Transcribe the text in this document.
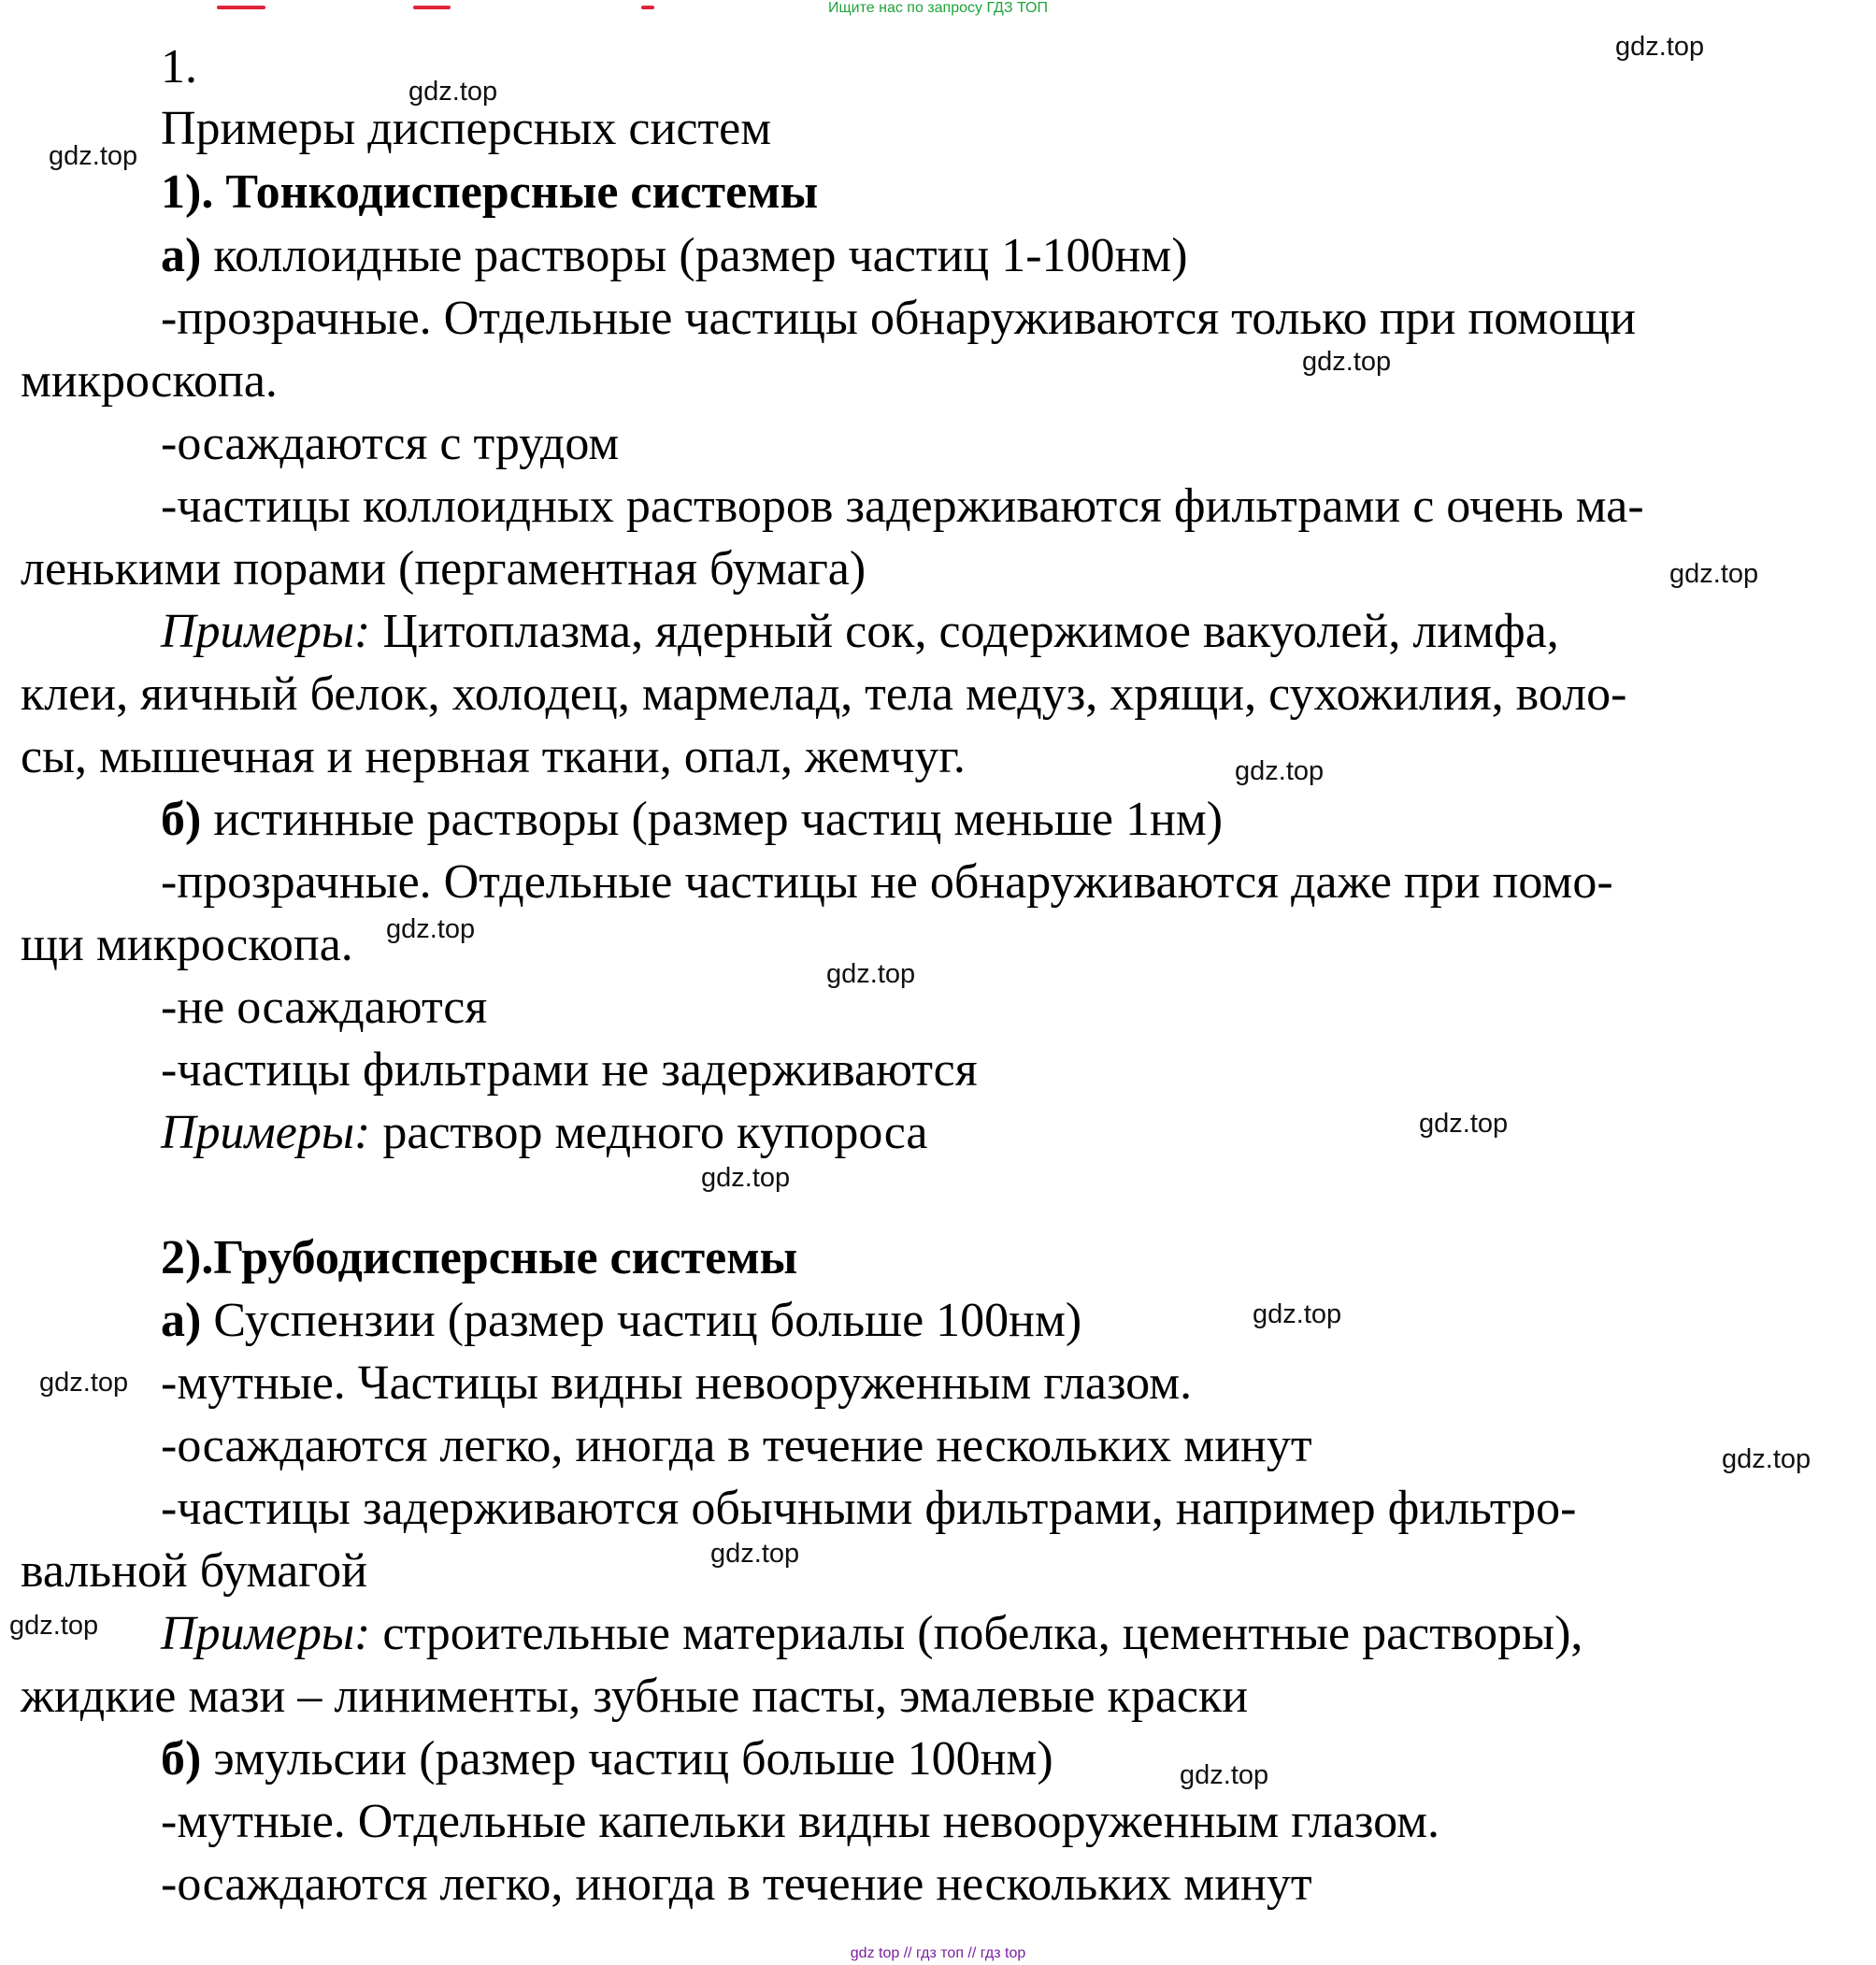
Ищите нас по запросу ГДЗ ТОП
1.
Примеры дисперсных систем
1). Тонкодисперсные системы
а) коллоидные растворы (размер частиц 1-100нм)
-прозрачные. Отдельные частицы обнаруживаются только при помощи
микроскопа.
-осаждаются с трудом
-частицы коллоидных растворов задерживаются фильтрами с очень ма-
ленькими порами (пергаментная бумага)
Примеры: Цитоплазма, ядерный сок, содержимое вакуолей, лимфа,
клеи, яичный белок, холодец, мармелад, тела медуз, хрящи, сухожилия, воло-
сы, мышечная и нервная ткани, опал, жемчуг.
б) истинные растворы (размер частиц меньше 1нм)
-прозрачные. Отдельные частицы не обнаруживаются даже при помо-
щи микроскопа.
-не осаждаются
-частицы фильтрами не задерживаются
Примеры: раствор медного купороса
2).Грубодисперсные системы
а) Суспензии (размер частиц больше 100нм)
-мутные. Частицы видны невооруженным глазом.
-осаждаются легко, иногда в течение нескольких минут
-частицы задерживаются обычными фильтрами, например фильтро-
вальной бумагой
Примеры: строительные материалы (побелка, цементные растворы),
жидкие мази – линименты, зубные пасты, эмалевые краски
б) эмульсии (размер частиц больше 100нм)
-мутные. Отдельные капельки видны невооруженным глазом.
-осаждаются легко, иногда в течение нескольких минут
gdz.top
gdz.top
gdz.top
gdz.top
gdz.top
gdz.top
gdz.top
gdz.top
gdz.top
gdz.top
gdz.top
gdz.top
gdz.top
gdz.top
gdz.top
gdz.top
gdz top // гдз топ // гдз top
